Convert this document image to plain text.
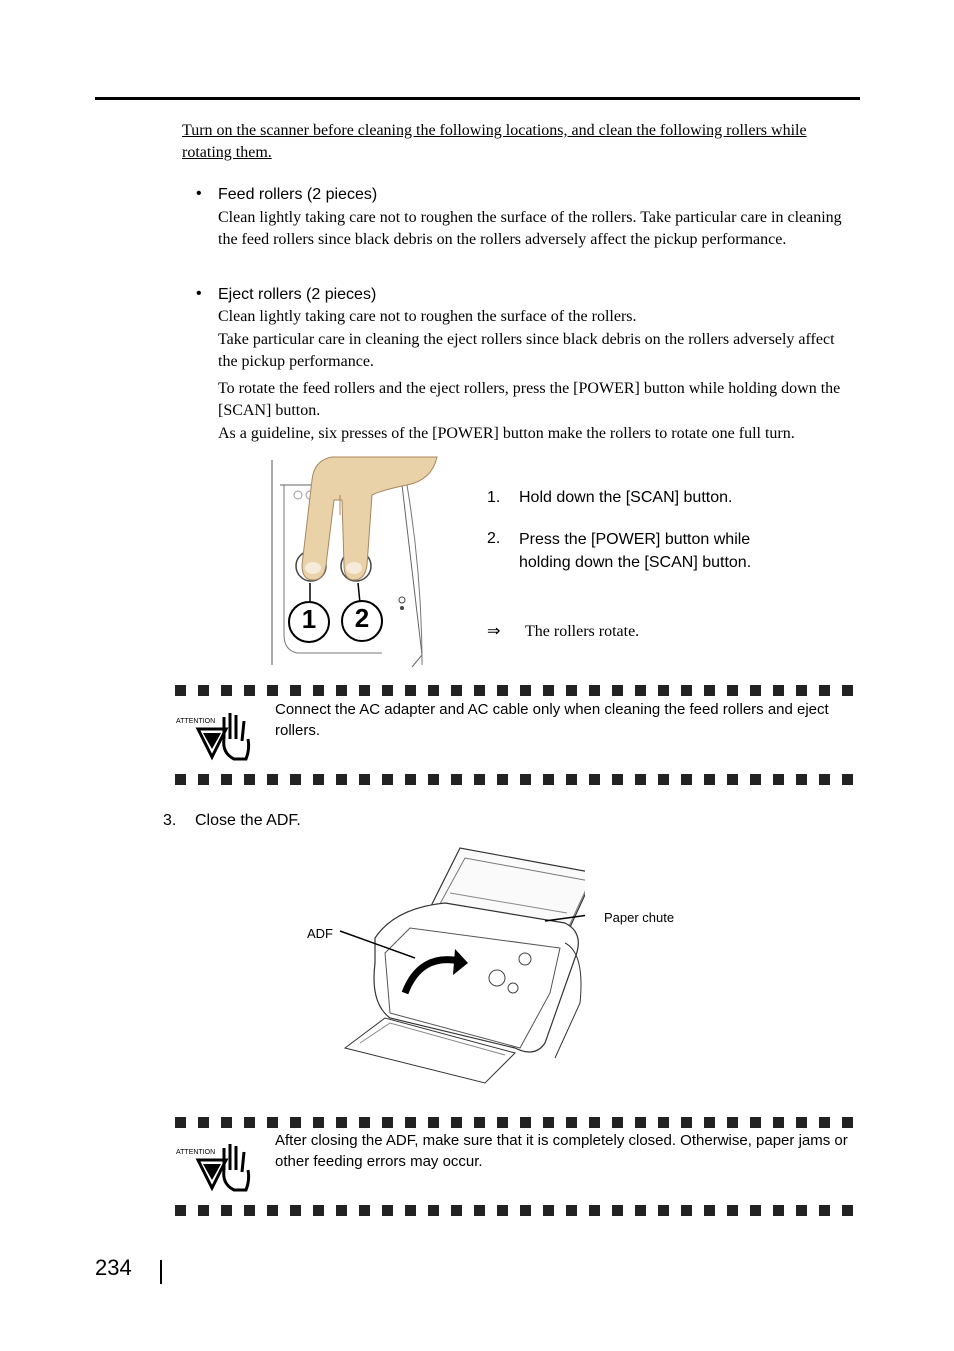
Turn on the scanner before cleaning the following locations, and clean the following rollers while rotating them.
• Feed rollers (2 pieces)
Clean lightly taking care not to roughen the surface of the rollers. Take particular care in cleaning the feed rollers since black debris on the rollers adversely affect the pickup performance.
• Eject rollers (2 pieces)
Clean lightly taking care not to roughen the surface of the rollers.
Take particular care in cleaning the eject rollers since black debris on the rollers adversely affect the pickup performance.
To rotate the feed rollers and the eject rollers, press the [POWER] button while holding down the [SCAN] button.
As a guideline, six presses of the [POWER] button make the rollers to rotate one full turn.
1 2
1. Hold down the [SCAN] button.
2. Press the [POWER] button while holding down the [SCAN] button.
⇒ The rollers rotate.
ATTENTION
Connect the AC adapter and AC cable only when cleaning the feed rollers and eject rollers.
3. Close the ADF.
ADF
Paper chute
ATTENTION
After closing the ADF, make sure that it is completely closed. Otherwise, paper jams or other feeding errors may occur.
234
